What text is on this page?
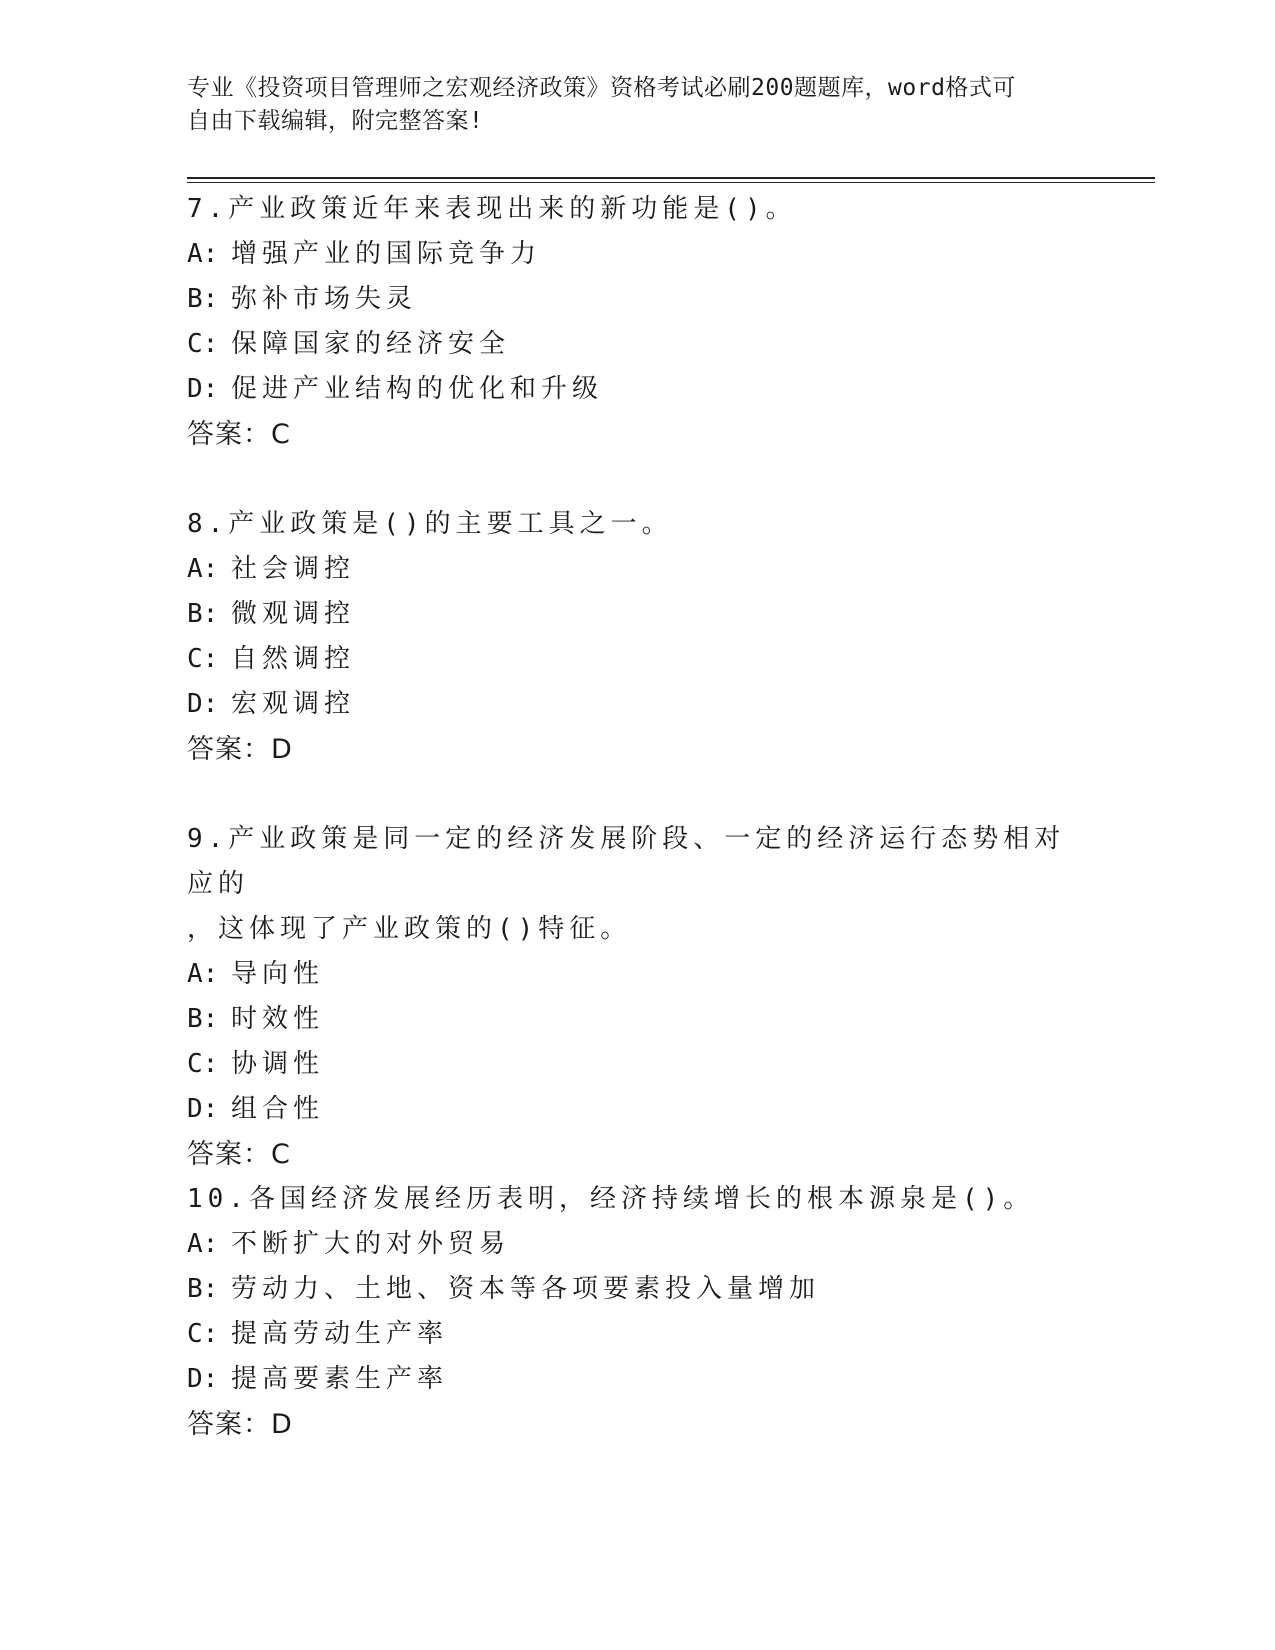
专业《投资项目管理师之宏观经济政策》资格考试必刷200题题库，word格式可
自由下载编辑，附完整答案!

7.产业政策近年来表现出来的新功能是()。

A: 增强产业的国际竞争力

B: 弥补市场失灵

C: 保障国家的经济安全

D: 促进产业结构的优化和升级

答案：C

8.产业政策是()的主要工具之一。

A: 社会调控

B: 微观调控

C: 自然调控

D: 宏观调控

答案：D

9.产业政策是同一定的经济发展阶段、一定的经济运行态势相对应的

，这体现了产业政策的()特征。

A: 导向性

B: 时效性

C: 协调性

D: 组合性

答案：C

10.各国经济发展经历表明，经济持续增长的根本源泉是()。

A: 不断扩大的对外贸易

B: 劳动力、土地、资本等各项要素投入量增加

C: 提高劳动生产率

D: 提高要素生产率

答案：D
